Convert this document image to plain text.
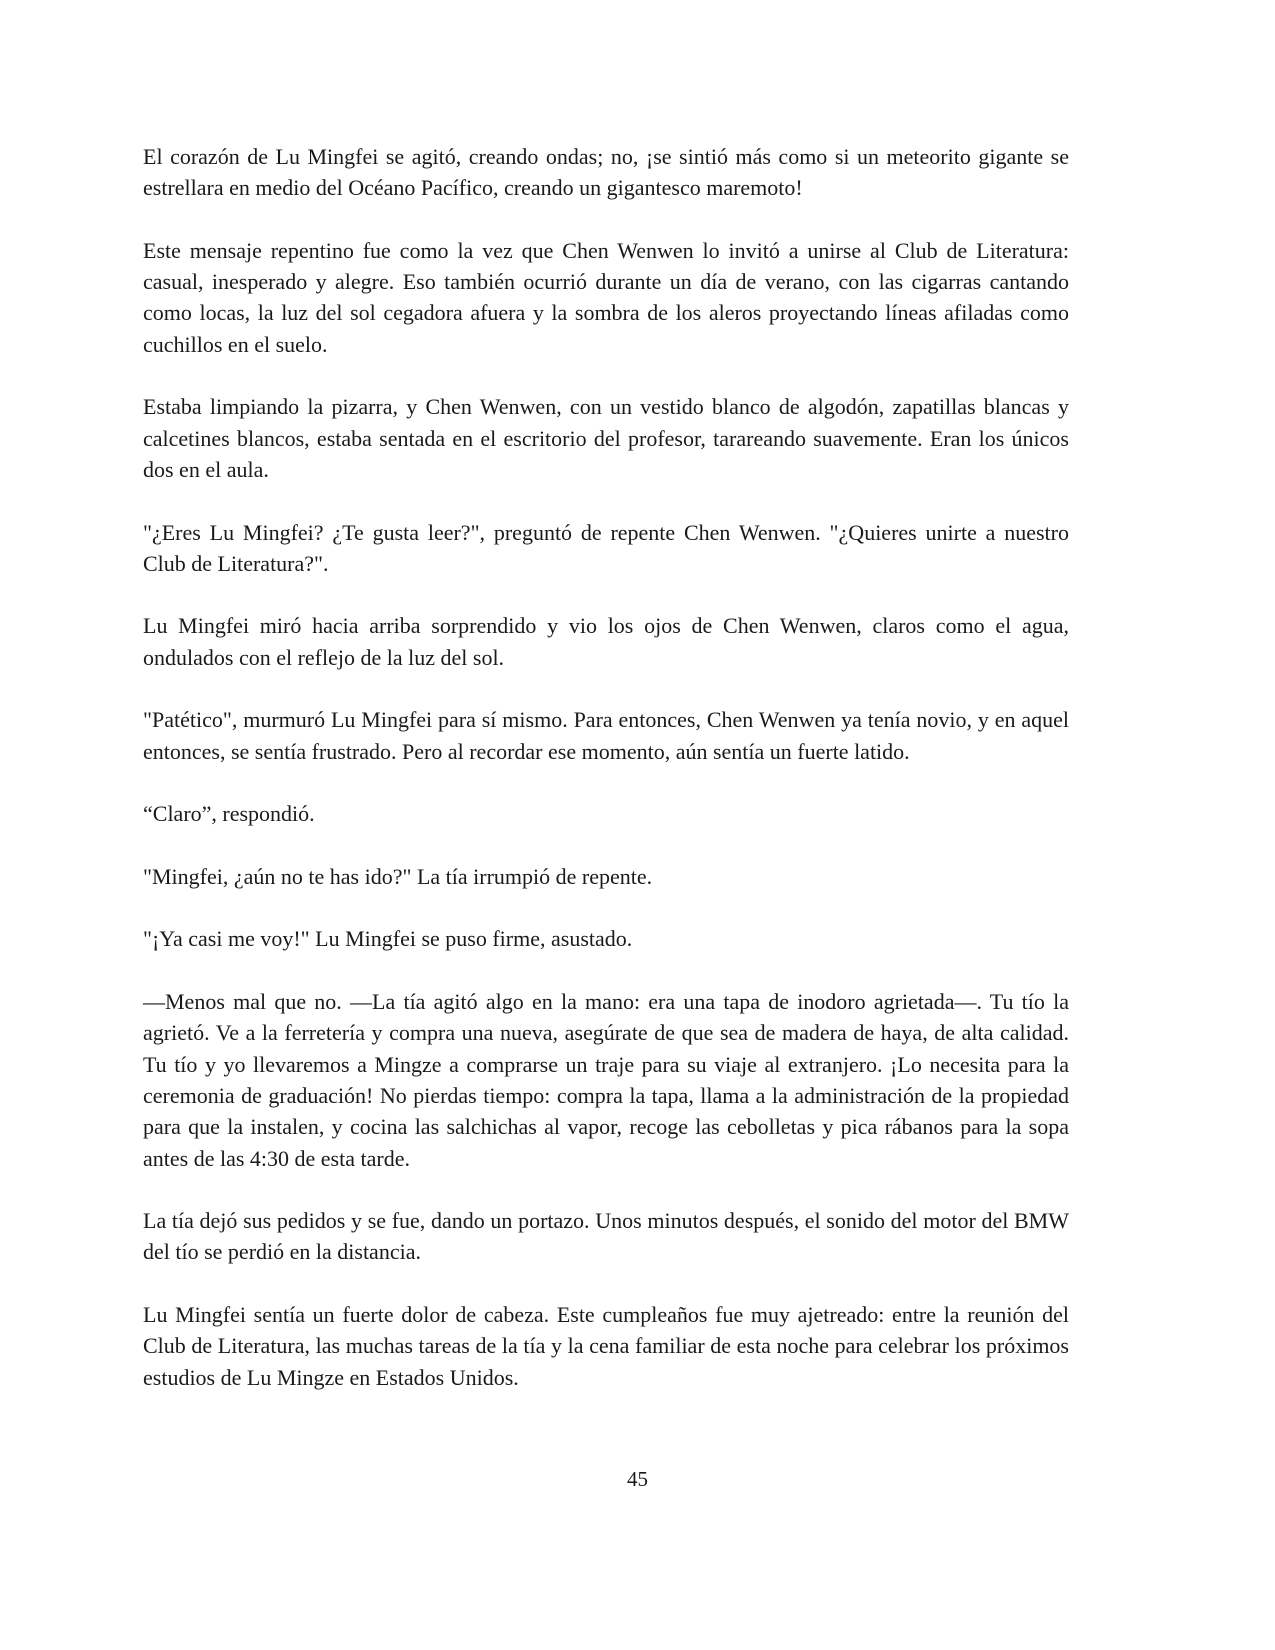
El corazón de Lu Mingfei se agitó, creando ondas; no, ¡se sintió más como si un meteorito gigante se estrellara en medio del Océano Pacífico, creando un gigantesco maremoto!

Este mensaje repentino fue como la vez que Chen Wenwen lo invitó a unirse al Club de Literatura: casual, inesperado y alegre. Eso también ocurrió durante un día de verano, con las cigarras cantando como locas, la luz del sol cegadora afuera y la sombra de los aleros proyectando líneas afiladas como cuchillos en el suelo.

Estaba limpiando la pizarra, y Chen Wenwen, con un vestido blanco de algodón, zapatillas blancas y calcetines blancos, estaba sentada en el escritorio del profesor, tarareando suavemente. Eran los únicos dos en el aula.

"¿Eres Lu Mingfei? ¿Te gusta leer?", preguntó de repente Chen Wenwen. "¿Quieres unirte a nuestro Club de Literatura?".

Lu Mingfei miró hacia arriba sorprendido y vio los ojos de Chen Wenwen, claros como el agua, ondulados con el reflejo de la luz del sol.

"Patético", murmuró Lu Mingfei para sí mismo. Para entonces, Chen Wenwen ya tenía novio, y en aquel entonces, se sentía frustrado. Pero al recordar ese momento, aún sentía un fuerte latido.

“Claro”, respondió.

"Mingfei, ¿aún no te has ido?" La tía irrumpió de repente.

"¡Ya casi me voy!" Lu Mingfei se puso firme, asustado.

—Menos mal que no. —La tía agitó algo en la mano: era una tapa de inodoro agrietada—. Tu tío la agrietó. Ve a la ferretería y compra una nueva, asegúrate de que sea de madera de haya, de alta calidad. Tu tío y yo llevaremos a Mingze a comprarse un traje para su viaje al extranjero. ¡Lo necesita para la ceremonia de graduación! No pierdas tiempo: compra la tapa, llama a la administración de la propiedad para que la instalen, y cocina las salchichas al vapor, recoge las cebolletas y pica rábanos para la sopa antes de las 4:30 de esta tarde.

La tía dejó sus pedidos y se fue, dando un portazo. Unos minutos después, el sonido del motor del BMW del tío se perdió en la distancia.

Lu Mingfei sentía un fuerte dolor de cabeza. Este cumpleaños fue muy ajetreado: entre la reunión del Club de Literatura, las muchas tareas de la tía y la cena familiar de esta noche para celebrar los próximos estudios de Lu Mingze en Estados Unidos.

45
